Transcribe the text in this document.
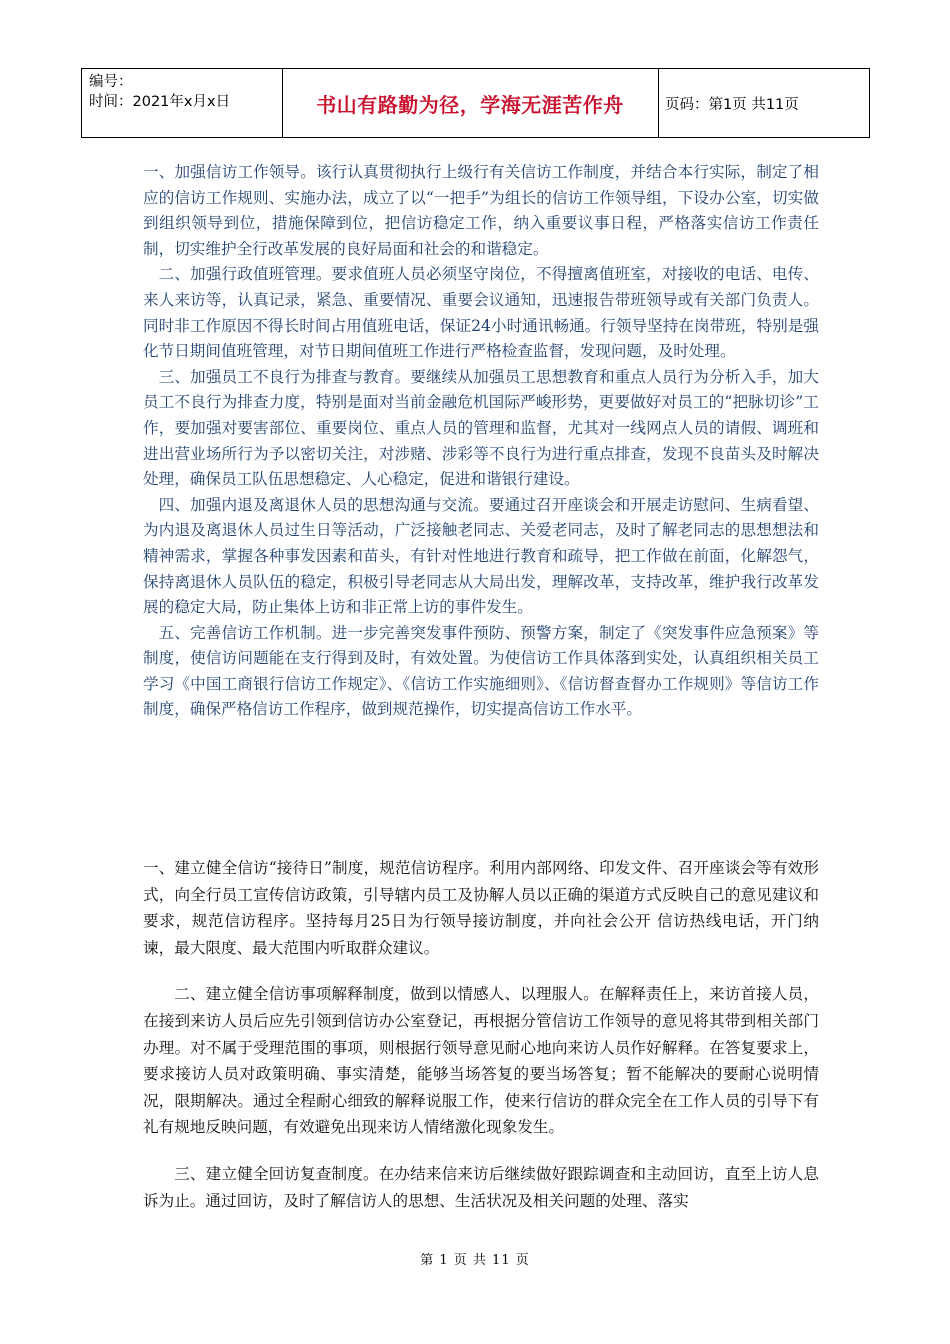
编号：
时间：2021年x月x日	书山有路勤为径，学海无涯苦作舟	页码：第1页 共11页

一、加强信访工作领导。该行认真贯彻执行上级行有关信访工作制度，并结合本行实际，制定了相应的信访工作规则、实施办法，成立了以“一把手”为组长的信访工作领导组，下设办公室，切实做到组织领导到位，措施保障到位，把信访稳定工作，纳入重要议事日程，严格落实信访工作责任制，切实维护全行改革发展的良好局面和社会的和谐稳定。

二、加强行政值班管理。要求值班人员必须坚守岗位，不得擅离值班室，对接收的电话、电传、来人来访等，认真记录，紧急、重要情况、重要会议通知，迅速报告带班领导或有关部门负责人。同时非工作原因不得长时间占用值班电话，保证24小时通讯畅通。行领导坚持在岗带班，特别是强化节日期间值班管理，对节日期间值班工作进行严格检查监督，发现问题，及时处理。

三、加强员工不良行为排查与教育。要继续从加强员工思想教育和重点人员行为分析入手，加大员工不良行为排查力度，特别是面对当前金融危机国际严峻形势，更要做好对员工的“把脉切诊”工作，要加强对要害部位、重要岗位、重点人员的管理和监督，尤其对一线网点人员的请假、调班和进出营业场所行为予以密切关注，对涉赌、涉彩等不良行为进行重点排查，发现不良苗头及时解决处理，确保员工队伍思想稳定、人心稳定，促进和谐银行建设。

四、加强内退及离退休人员的思想沟通与交流。要通过召开座谈会和开展走访慰问、生病看望、为内退及离退休人员过生日等活动，广泛接触老同志、关爱老同志，及时了解老同志的思想想法和精神需求，掌握各种事发因素和苗头，有针对性地进行教育和疏导，把工作做在前面，化解怨气，保持离退休人员队伍的稳定，积极引导老同志从大局出发，理解改革，支持改革，维护我行改革发展的稳定大局，防止集体上访和非正常上访的事件发生。

五、完善信访工作机制。进一步完善突发事件预防、预警方案，制定了《突发事件应急预案》等制度，使信访问题能在支行得到及时，有效处置。为使信访工作具体落到实处，认真组织相关员工学习《中国工商银行信访工作规定》、《信访工作实施细则》、《信访督查督办工作规则》等信访工作制度，确保严格信访工作程序，做到规范操作，切实提高信访工作水平。

一、建立健全信访“接待日”制度，规范信访程序。利用内部网络、印发文件、召开座谈会等有效形式，向全行员工宣传信访政策，引导辖内员工及协解人员以正确的渠道方式反映自己的意见建议和要求，规范信访程序。坚持每月25日为行领导接访制度，并向社会公开 信访热线电话，开门纳谏，最大限度、最大范围内听取群众建议。

二、建立健全信访事项解释制度，做到以情感人、以理服人。在解释责任上，来访首接人员，在接到来访人员后应先引领到信访办公室登记，再根据分管信访工作领导的意见将其带到相关部门办理。对不属于受理范围的事项，则根据行领导意见耐心地向来访人员作好解释。在答复要求上，要求接访人员对政策明确、事实清楚，能够当场答复的要当场答复；暂不能解决的要耐心说明情况，限期解决。通过全程耐心细致的解释说服工作，使来行信访的群众完全在工作人员的引导下有礼有规地反映问题，有效避免出现来访人情绪激化现象发生。

三、建立健全回访复查制度。在办结来信来访后继续做好跟踪调查和主动回访，直至上访人息诉为止。通过回访，及时了解信访人的思想、生活状况及相关问题的处理、落实

第 1 页 共 11 页
